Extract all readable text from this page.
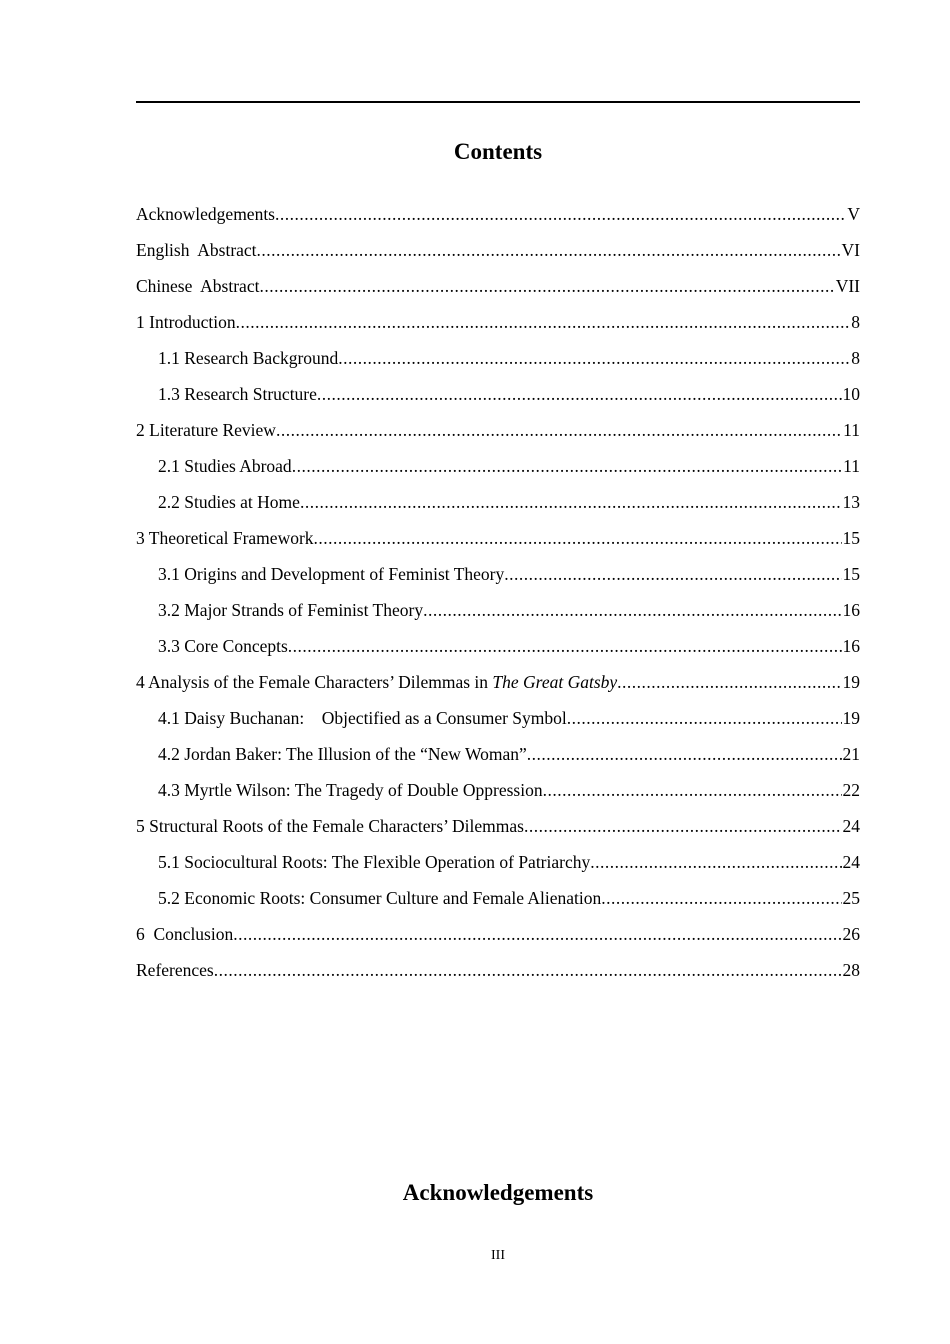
Contents
Acknowledgements .....	V
English  Abstract .....	VI
Chinese  Abstract .....	VII
1 Introduction .....	8
1.1 Research Background .....	8
1.3 Research Structure .....	10
2 Literature Review .....	11
2.1 Studies Abroad .....	11
2.2 Studies at Home .....	13
3 Theoretical Framework .....	15
3.1 Origins and Development of Feminist Theory .....	15
3.2 Major Strands of Feminist Theory .....	16
3.3 Core Concepts .....	16
4 Analysis of the Female Characters’ Dilemmas in The Great Gatsby .....	19
4.1 Daisy Buchanan:    Objectified as a Consumer Symbol .....	19
4.2 Jordan Baker: The Illusion of the “New Woman” .....	21
4.3 Myrtle Wilson: The Tragedy of Double Oppression .....	22
5 Structural Roots of the Female Characters’ Dilemmas .....	24
5.1 Sociocultural Roots: The Flexible Operation of Patriarchy .....	24
5.2 Economic Roots: Consumer Culture and Female Alienation .....	25
6  Conclusion .....	26
References .....	28
Acknowledgements
III
